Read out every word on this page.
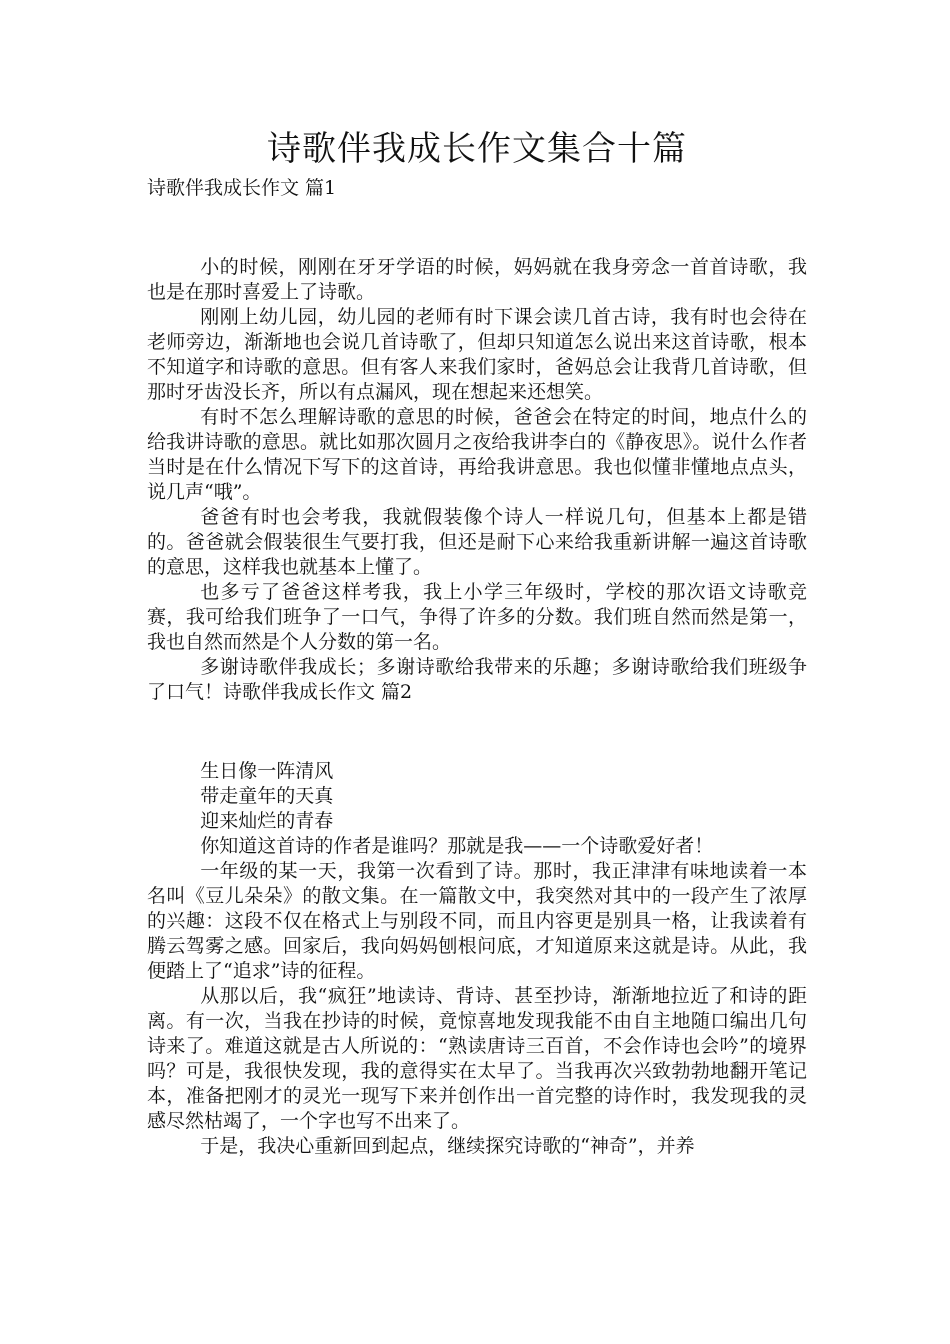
诗歌伴我成长作文集合十篇
诗歌伴我成长作文 篇1

小的时候，刚刚在牙牙学语的时候，妈妈就在我身旁念一首首诗歌，我也是在那时喜爱上了诗歌。

刚刚上幼儿园，幼儿园的老师有时下课会读几首古诗，我有时也会待在老师旁边，渐渐地也会说几首诗歌了，但却只知道怎么说出来这首诗歌，根本不知道字和诗歌的意思。但有客人来我们家时，爸妈总会让我背几首诗歌，但那时牙齿没长齐，所以有点漏风，现在想起来还想笑。

有时不怎么理解诗歌的意思的时候，爸爸会在特定的时间，地点什么的给我讲诗歌的意思。就比如那次圆月之夜给我讲李白的《静夜思》。说什么作者当时是在什么情况下写下的这首诗，再给我讲意思。我也似懂非懂地点点头，说几声“哦”。

爸爸有时也会考我，我就假装像个诗人一样说几句，但基本上都是错的。爸爸就会假装很生气要打我，但还是耐下心来给我重新讲解一遍这首诗歌的意思，这样我也就基本上懂了。

也多亏了爸爸这样考我，我上小学三年级时，学校的那次语文诗歌竞赛，我可给我们班争了一口气，争得了许多的分数。我们班自然而然是第一，我也自然而然是个人分数的第一名。

多谢诗歌伴我成长；多谢诗歌给我带来的乐趣；多谢诗歌给我们班级争了口气！诗歌伴我成长作文 篇2

生日像一阵清风

带走童年的天真

迎来灿烂的青春

你知道这首诗的作者是谁吗？那就是我——一个诗歌爱好者！

一年级的某一天，我第一次看到了诗。那时，我正津津有味地读着一本名叫《豆儿朵朵》的散文集。在一篇散文中，我突然对其中的一段产生了浓厚的兴趣：这段不仅在格式上与别段不同，而且内容更是别具一格，让我读着有腾云驾雾之感。回家后，我向妈妈刨根问底，才知道原来这就是诗。从此，我便踏上了“追求”诗的征程。

从那以后，我“疯狂”地读诗、背诗、甚至抄诗，渐渐地拉近了和诗的距离。有一次，当我在抄诗的时候，竟惊喜地发现我能不由自主地随口编出几句诗来了。难道这就是古人所说的：“熟读唐诗三百首，不会作诗也会吟”的境界吗？可是，我很快发现，我的意得实在太早了。当我再次兴致勃勃地翻开笔记本，准备把刚才的灵光一现写下来并创作出一首完整的诗作时，我发现我的灵感尽然枯竭了，一个字也写不出来了。

于是，我决心重新回到起点，继续探究诗歌的“神奇”，并养
